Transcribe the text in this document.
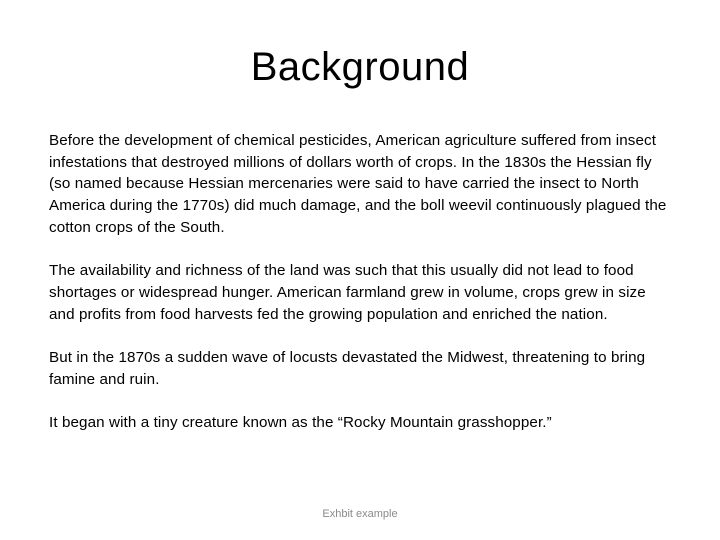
Background

Before the development of chemical pesticides, American agriculture suffered from insect infestations that destroyed millions of dollars worth of crops. In the 1830s the Hessian fly (so named because Hessian mercenaries were said to have carried the insect to North America during the 1770s) did much damage, and the boll weevil continuously plagued the cotton crops of the South.

The availability and richness of the land was such that this usually did not lead to food shortages or widespread hunger. American farmland grew in volume, crops grew in size and profits from food harvests fed the growing population and enriched the nation.

But in the 1870s a sudden wave of locusts devastated the Midwest, threatening to bring famine and ruin.

It began with a tiny creature known as the “Rocky Mountain grasshopper.”

Exhbit example
